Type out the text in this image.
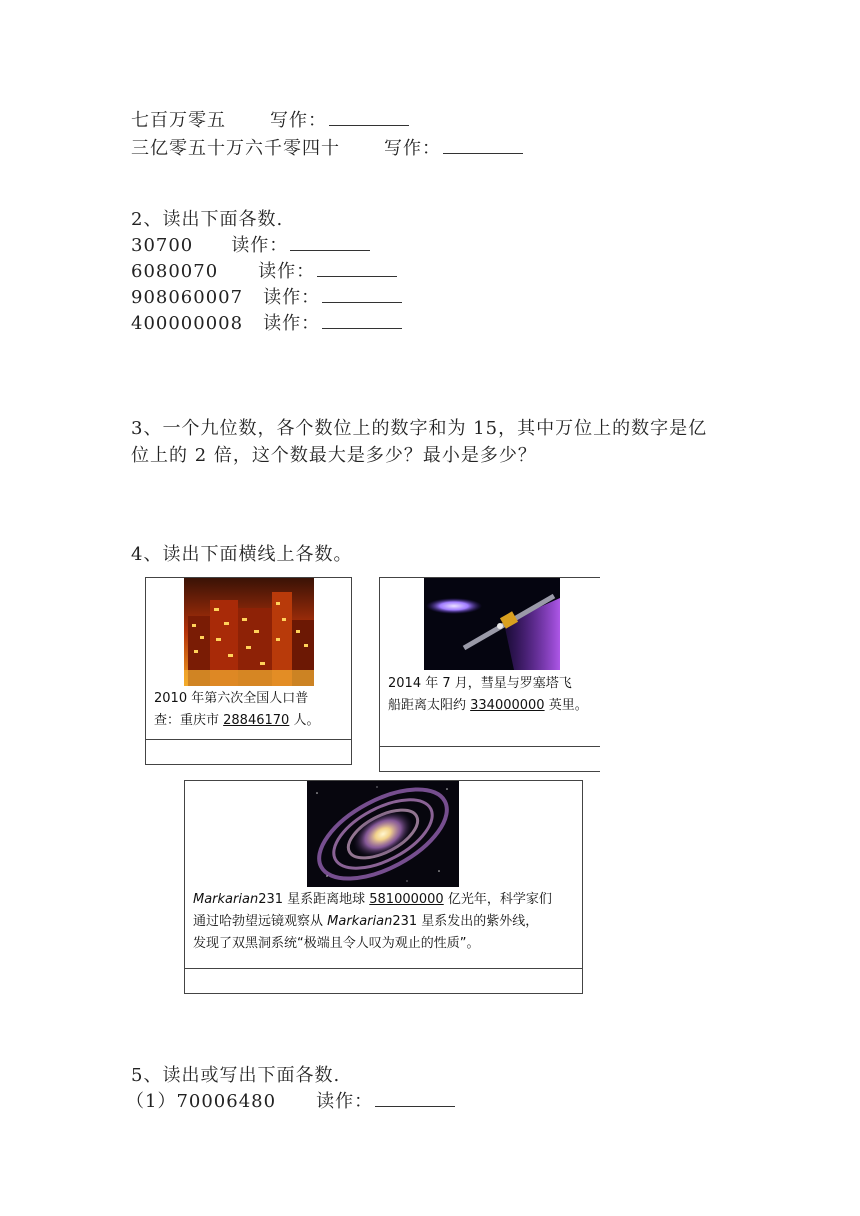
七百万零五 写作：
三亿零五十万六千零四十 写作：
2、读出下面各数.
30700 读作：
6080070 读作：
908060007 读作：
400000008 读作：
3、一个九位数，各个数位上的数字和为 15，其中万位上的数字是亿
位上的 2 倍，这个数最大是多少？最小是多少？
4、读出下面横线上各数。
2010 年第六次全国人口普
查：重庆市 28846170 人。
2014 年 7 月，彗星与罗塞塔飞
船距离太阳约 334000000 英里。
Markarian231 星系距离地球 581000000 亿光年，科学家们
通过哈勃望远镜观察从 Markarian231 星系发出的紫外线，
发现了双黑洞系统“极端且令人叹为观止的性质”。
5、读出或写出下面各数.
（1）70006480 读作：
